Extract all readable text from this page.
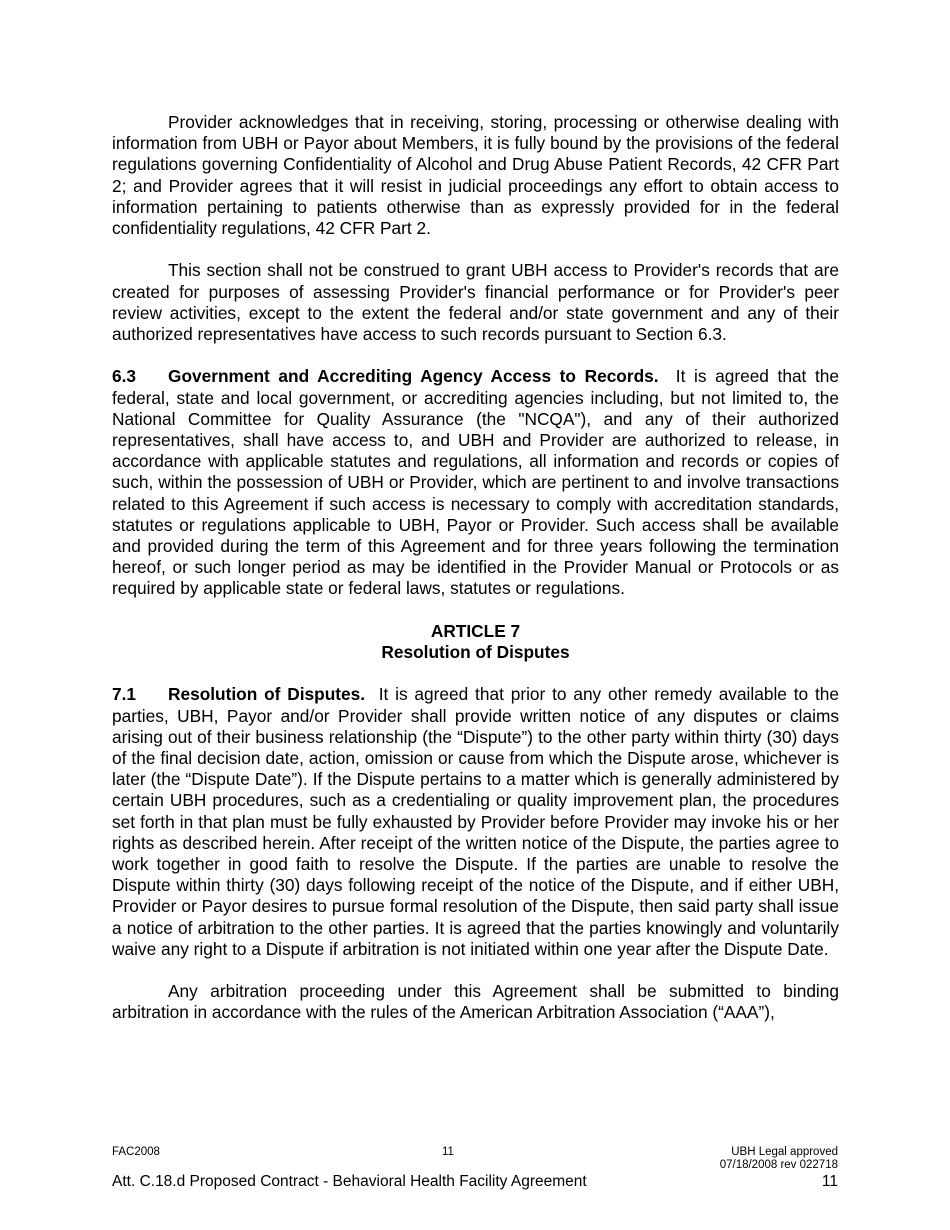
Provider acknowledges that in receiving, storing, processing or otherwise dealing with information from UBH or Payor about Members, it is fully bound by the provisions of the federal regulations governing Confidentiality of Alcohol and Drug Abuse Patient Records, 42 CFR Part 2; and Provider agrees that it will resist in judicial proceedings any effort to obtain access to information pertaining to patients otherwise than as expressly provided for in the federal confidentiality regulations, 42 CFR Part 2.

This section shall not be construed to grant UBH access to Provider's records that are created for purposes of assessing Provider's financial performance or for Provider's peer review activities, except to the extent the federal and/or state government and any of their authorized representatives have access to such records pursuant to Section 6.3.

6.3 Government and Accrediting Agency Access to Records. It is agreed that the federal, state and local government, or accrediting agencies including, but not limited to, the National Committee for Quality Assurance (the "NCQA"), and any of their authorized representatives, shall have access to, and UBH and Provider are authorized to release, in accordance with applicable statutes and regulations, all information and records or copies of such, within the possession of UBH or Provider, which are pertinent to and involve transactions related to this Agreement if such access is necessary to comply with accreditation standards, statutes or regulations applicable to UBH, Payor or Provider. Such access shall be available and provided during the term of this Agreement and for three years following the termination hereof, or such longer period as may be identified in the Provider Manual or Protocols or as required by applicable state or federal laws, statutes or regulations.

ARTICLE 7
Resolution of Disputes

7.1 Resolution of Disputes. It is agreed that prior to any other remedy available to the parties, UBH, Payor and/or Provider shall provide written notice of any disputes or claims arising out of their business relationship (the “Dispute”) to the other party within thirty (30) days of the final decision date, action, omission or cause from which the Dispute arose, whichever is later (the “Dispute Date”). If the Dispute pertains to a matter which is generally administered by certain UBH procedures, such as a credentialing or quality improvement plan, the procedures set forth in that plan must be fully exhausted by Provider before Provider may invoke his or her rights as described herein. After receipt of the written notice of the Dispute, the parties agree to work together in good faith to resolve the Dispute. If the parties are unable to resolve the Dispute within thirty (30) days following receipt of the notice of the Dispute, and if either UBH, Provider or Payor desires to pursue formal resolution of the Dispute, then said party shall issue a notice of arbitration to the other parties. It is agreed that the parties knowingly and voluntarily waive any right to a Dispute if arbitration is not initiated within one year after the Dispute Date.

Any arbitration proceeding under this Agreement shall be submitted to binding arbitration in accordance with the rules of the American Arbitration Association (“AAA”),

FAC2008	11	UBH Legal approved
07/18/2008 rev 022718
Att. C.18.d Proposed Contract - Behavioral Health Facility Agreement	11
